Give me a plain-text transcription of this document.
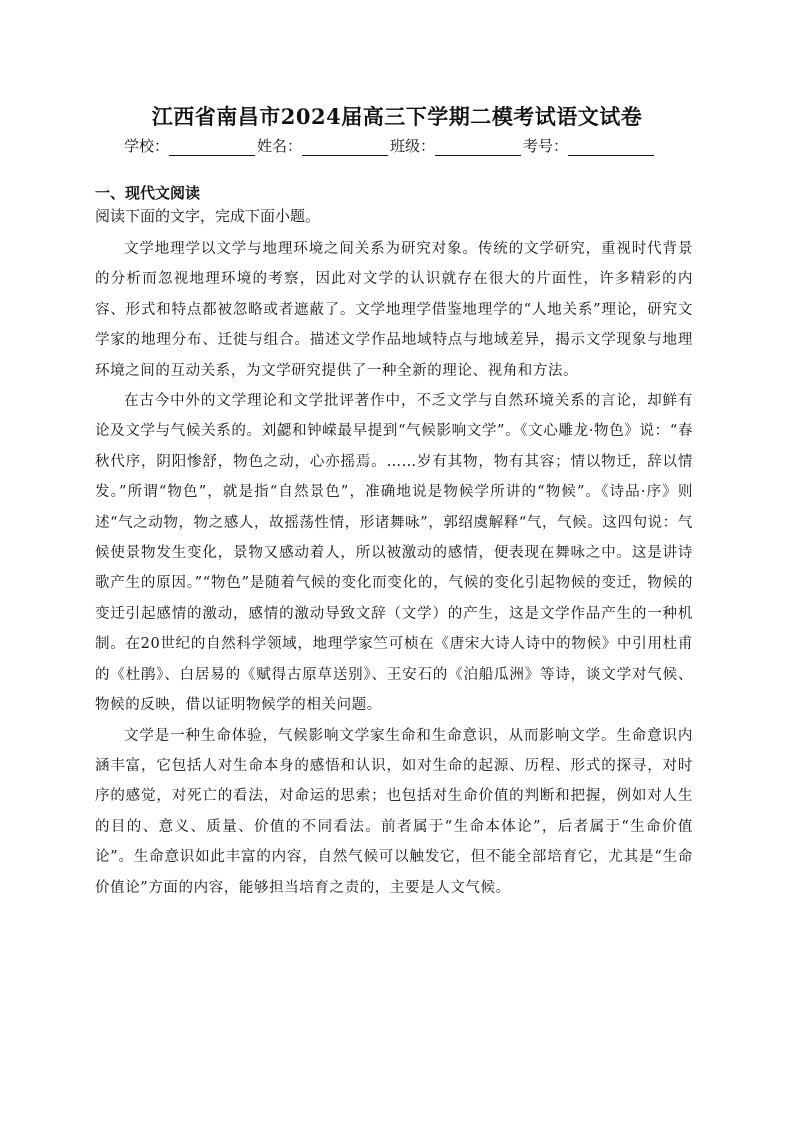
江西省南昌市2024届高三下学期二模考试语文试卷
学校：	姓名：	班级：	考号：
一、现代文阅读
阅读下面的文字，完成下面小题。

文学地理学以文学与地理环境之间关系为研究对象。传统的文学研究，重视时代背景的分析而忽视地理环境的考察，因此对文学的认识就存在很大的片面性，许多精彩的内容、形式和特点都被忽略或者遮蔽了。文学地理学借鉴地理学的“人地关系”理论，研究文学家的地理分布、迁徙与组合。描述文学作品地域特点与地域差异，揭示文学现象与地理环境之间的互动关系，为文学研究提供了一种全新的理论、视角和方法。

在古今中外的文学理论和文学批评著作中，不乏文学与自然环境关系的言论，却鲜有论及文学与气候关系的。刘勰和钟嵘最早提到“气候影响文学”。《文心雕龙·物色》说：“春秋代序，阴阳惨舒，物色之动，心亦摇焉。……岁有其物，物有其容；情以物迁，辞以情发。”所谓“物色”，就是指“自然景色”，准确地说是物候学所讲的“物候”。《诗品·序》则述“气之动物，物之感人，故摇荡性情，形诸舞咏”，郭绍虞解释“气，气候。这四句说：气候使景物发生变化，景物又感动着人，所以被激动的感情，便表现在舞咏之中。这是讲诗歌产生的原因。”“物色”是随着气候的变化而变化的，气候的变化引起物候的变迁，物候的变迁引起感情的激动，感情的激动导致文辞（文学）的产生，这是文学作品产生的一种机制。在20世纪的自然科学领域，地理学家竺可桢在《唐宋大诗人诗中的物候》中引用杜甫的《杜鹃》、白居易的《赋得古原草送别》、王安石的《泊船瓜洲》等诗，谈文学对气候、物候的反映，借以证明物候学的相关问题。

文学是一种生命体验，气候影响文学家生命和生命意识，从而影响文学。生命意识内涵丰富，它包括人对生命本身的感悟和认识，如对生命的起源、历程、形式的探寻，对时序的感觉，对死亡的看法，对命运的思索；也包括对生命价值的判断和把握，例如对人生的目的、意义、质量、价值的不同看法。前者属于“生命本体论”，后者属于“生命价值论”。生命意识如此丰富的内容，自然气候可以触发它，但不能全部培育它，尤其是“生命价值论”方面的内容，能够担当培育之责的，主要是人文气候。
